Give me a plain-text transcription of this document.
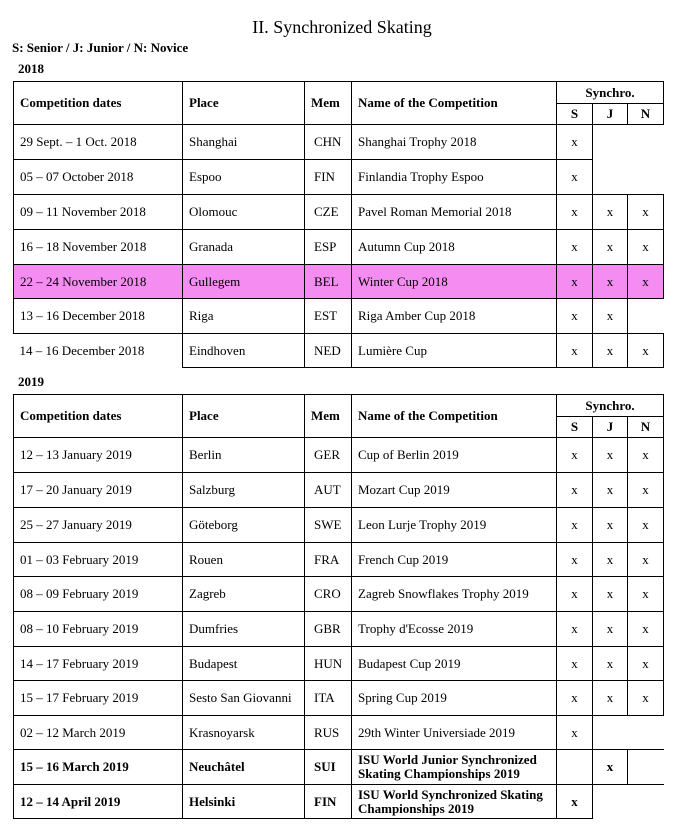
II. Synchronized Skating
S: Senior / J: Junior / N: Novice
2018
Competition dates	Place	Mem	Name of the Competition	Synchro.		
				S	J	N
29 Sept. – 1 Oct. 2018	Shanghai	CHN	Shanghai Trophy 2018	x		
05 – 07 October 2018	Espoo	FIN	Finlandia Trophy Espoo	x		
09 – 11 November 2018	Olomouc	CZE	Pavel Roman Memorial 2018	x	x	x
16 – 18 November 2018	Granada	ESP	Autumn Cup 2018	x	x	x
22 – 24 November 2018	Gullegem	BEL	Winter Cup 2018	x	x	x
13 – 16 December 2018	Riga	EST	Riga Amber Cup 2018	x	x	
14 – 16 December 2018	Eindhoven	NED	Lumière Cup	x	x	x
2019
Competition dates	Place	Mem	Name of the Competition	Synchro.		
				S	J	N
12 – 13 January 2019	Berlin	GER	Cup of Berlin 2019	x	x	x
17 – 20 January 2019	Salzburg	AUT	Mozart Cup 2019	x	x	x
25 – 27 January 2019	Göteborg	SWE	Leon Lurje Trophy 2019	x	x	x
01 – 03 February 2019	Rouen	FRA	French Cup 2019	x	x	x
08 – 09 February 2019	Zagreb	CRO	Zagreb Snowflakes Trophy 2019	x	x	x
08 – 10 February 2019	Dumfries	GBR	Trophy d'Ecosse 2019	x	x	x
14 – 17 February 2019	Budapest	HUN	Budapest Cup 2019	x	x	x
15 – 17 February 2019	Sesto San Giovanni	ITA	Spring Cup 2019	x	x	x
02 – 12 March 2019	Krasnoyarsk	RUS	29th Winter Universiade 2019	x		
15 – 16 March 2019	Neuchâtel	SUI	ISU World Junior Synchronized Skating Championships 2019		x	
12 – 14 April 2019	Helsinki	FIN	ISU World Synchronized Skating Championships 2019	x		
